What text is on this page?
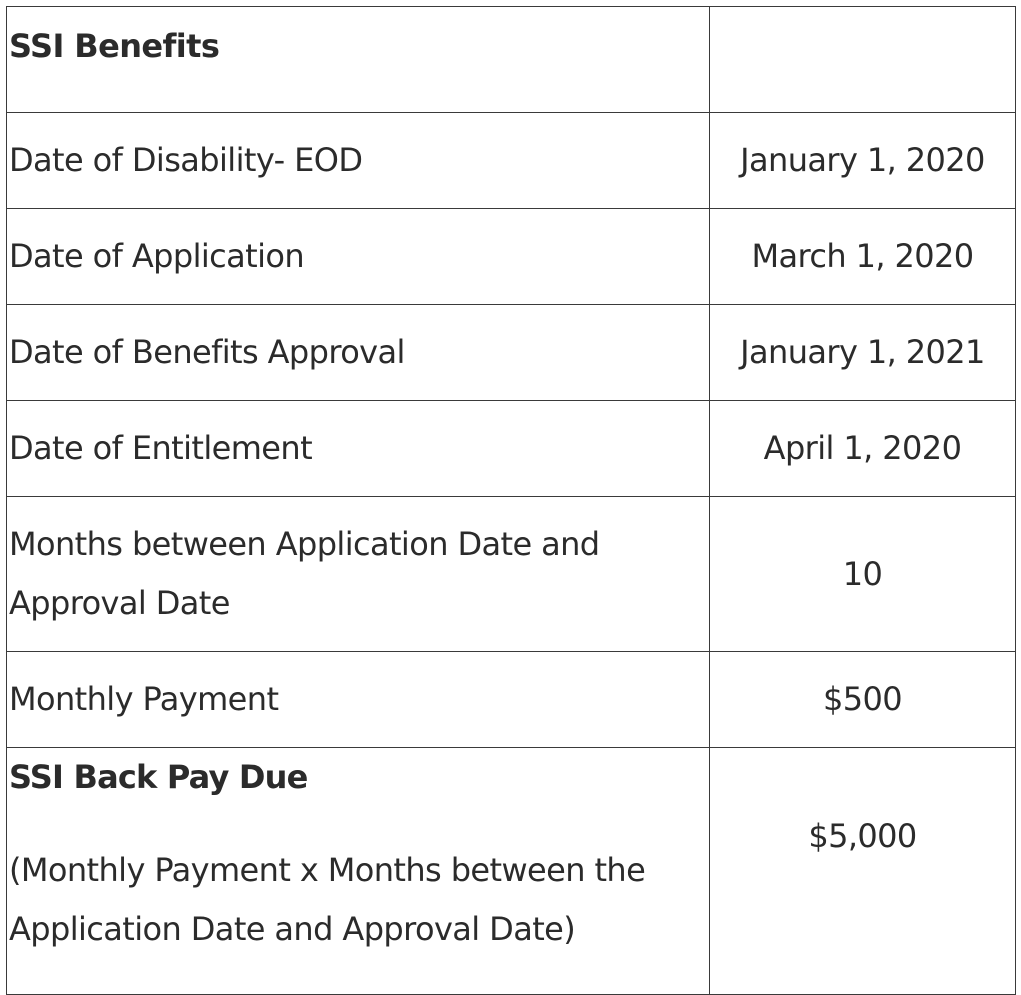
SSI Benefits	
Date of Disability- EOD	January 1, 2020
Date of Application	March 1, 2020
Date of Benefits Approval	January 1, 2021
Date of Entitlement	April 1, 2020
Months between Application Date and Approval Date	10
Monthly Payment	$500

SSI Back Pay Due
(Monthly Payment x Months between the Application Date and Approval Date)	$5,000
